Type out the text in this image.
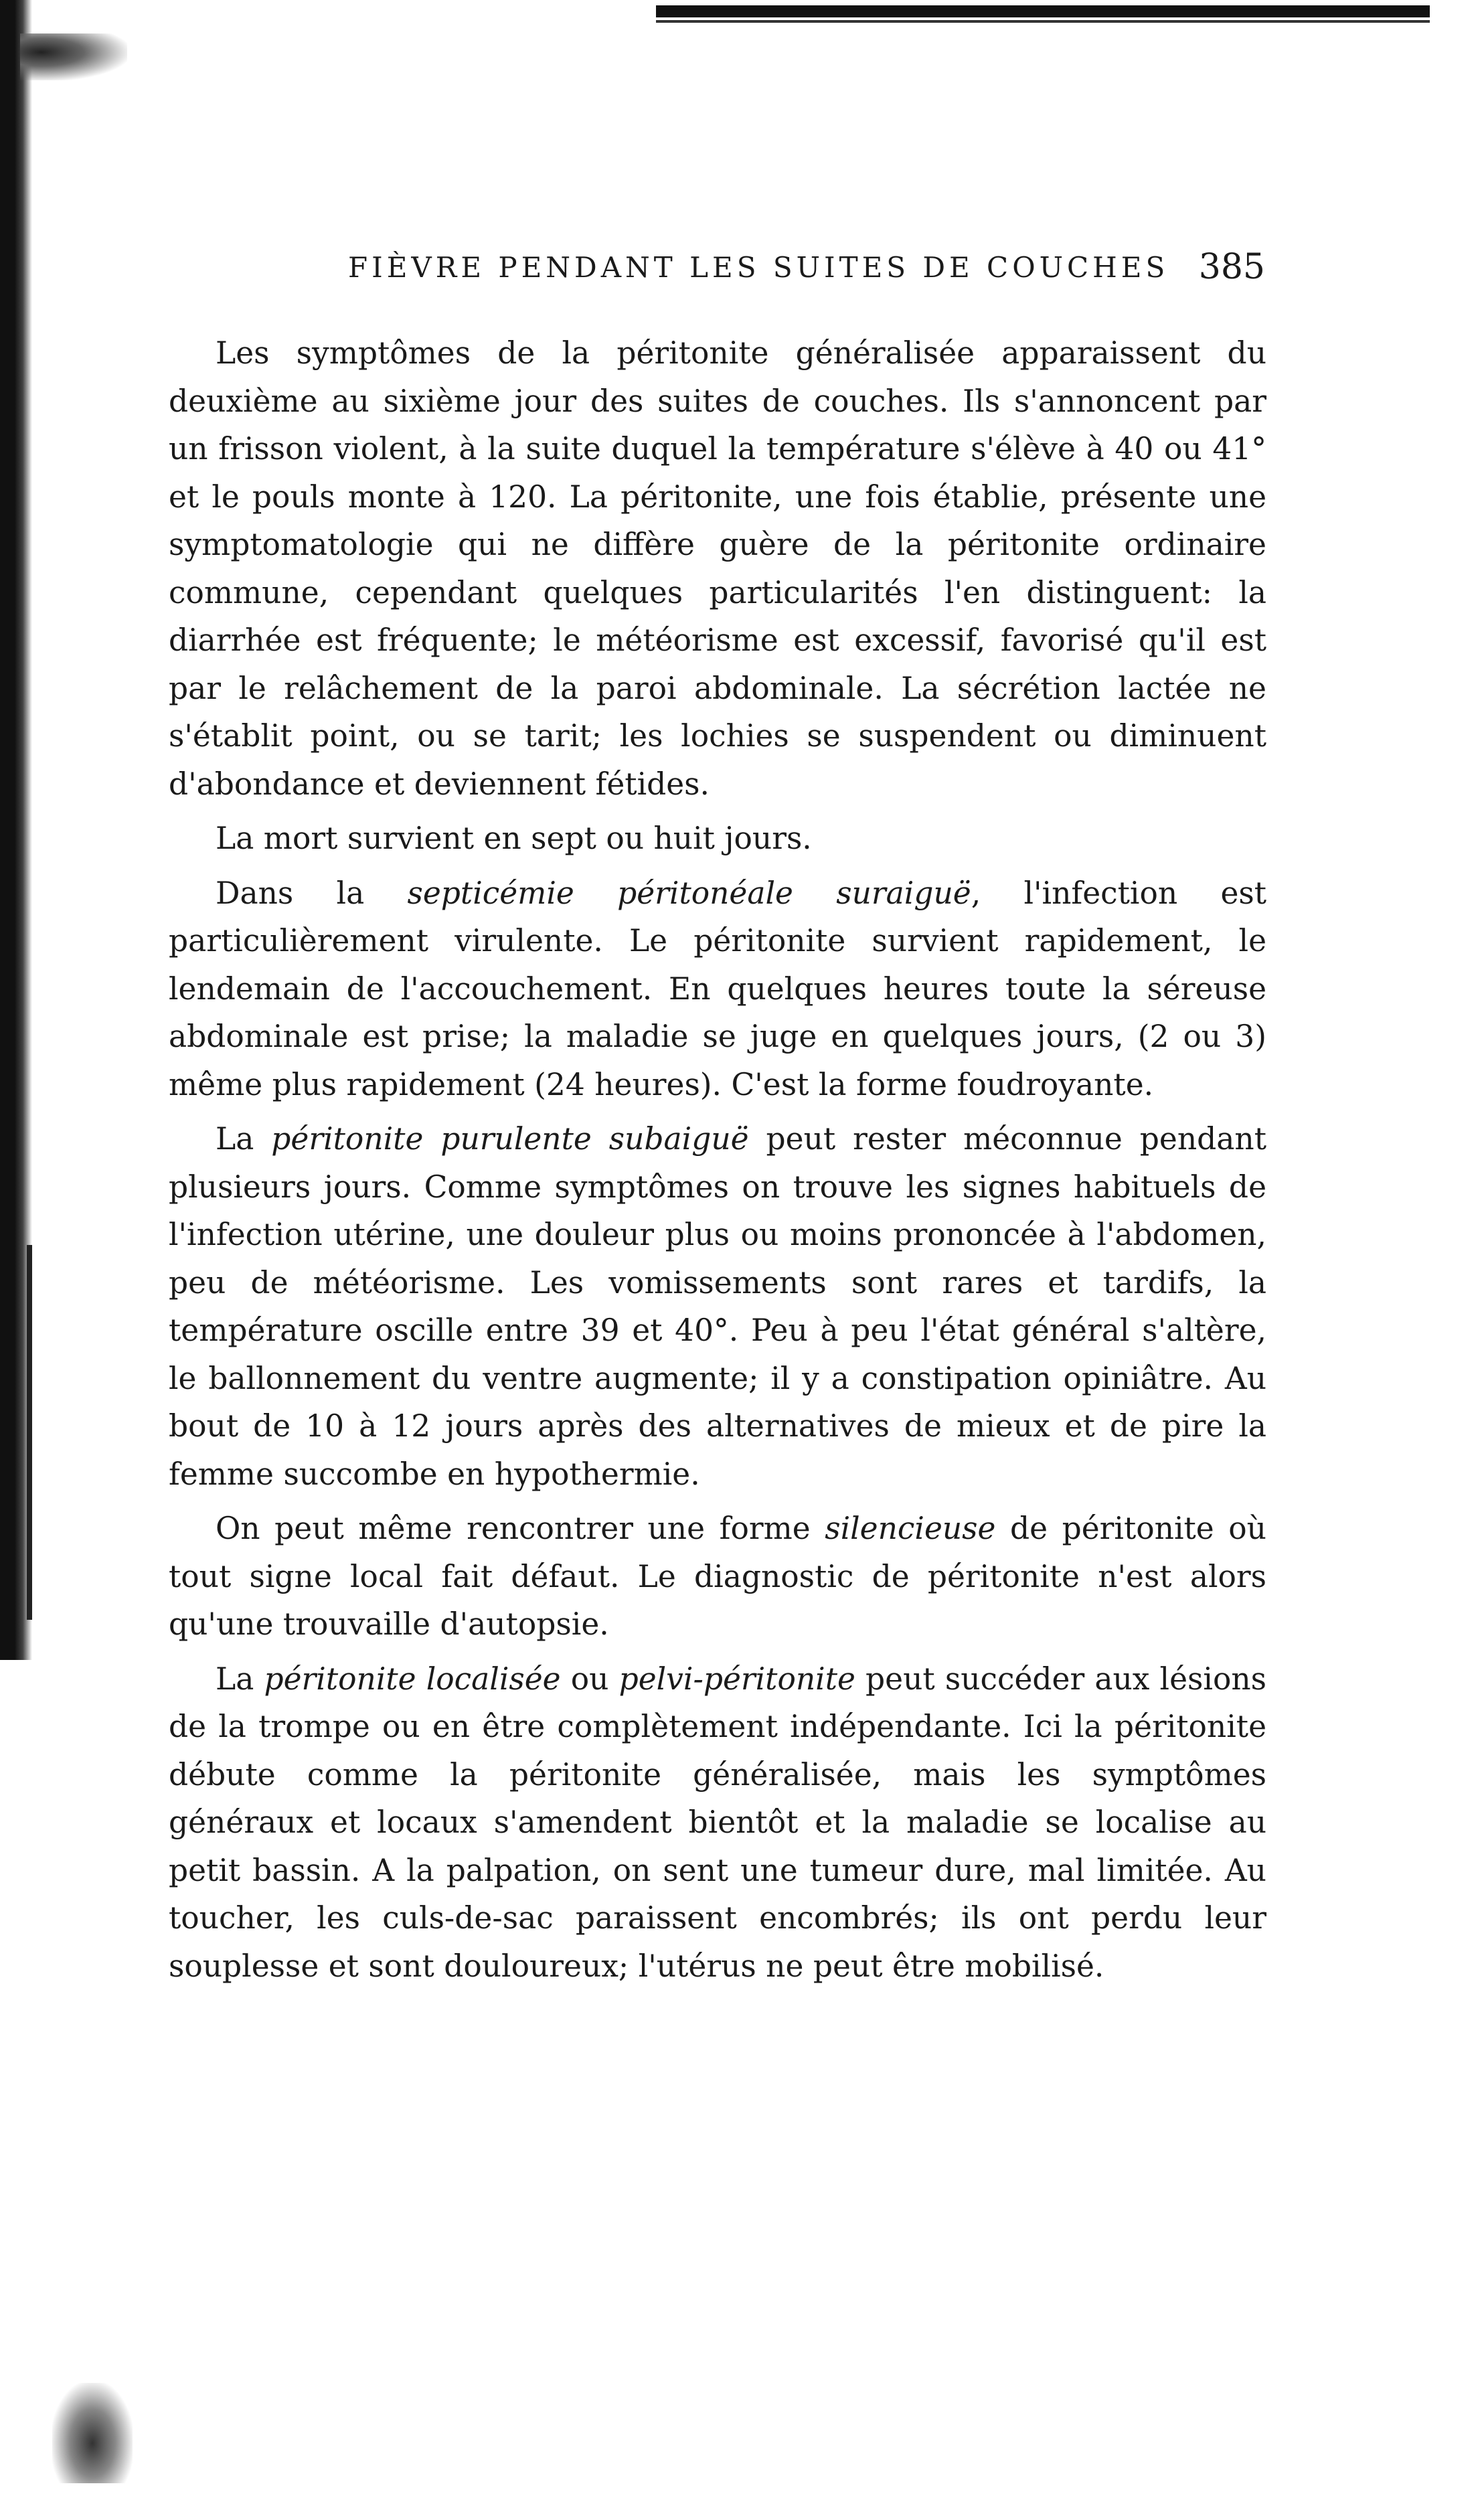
FIÈVRE PENDANT LES SUITES DE COUCHES 385

Les symptômes de la péritonite généralisée apparaissent du deuxième au sixième jour des suites de couches. Ils s'annoncent par un frisson violent, à la suite duquel la température s'élève à 40 ou 41° et le pouls monte à 120. La péritonite, une fois établie, présente une symptomatologie qui ne diffère guère de la péritonite ordinaire commune, cependant quelques particularités l'en distinguent: la diarrhée est fréquente; le météorisme est excessif, favorisé qu'il est par le relâchement de la paroi abdominale. La sécrétion lactée ne s'établit point, ou se tarit; les lochies se suspendent ou diminuent d'abondance et deviennent fétides.

La mort survient en sept ou huit jours.

Dans la septicémie péritonéale suraiguë, l'infection est particulièrement virulente. Le péritonite survient rapidement, le lendemain de l'accouchement. En quelques heures toute la séreuse abdominale est prise; la maladie se juge en quelques jours, (2 ou 3) même plus rapidement (24 heures). C'est la forme foudroyante.

La péritonite purulente subaiguë peut rester méconnue pendant plusieurs jours. Comme symptômes on trouve les signes habituels de l'infection utérine, une douleur plus ou moins prononcée à l'abdomen, peu de météorisme. Les vomissements sont rares et tardifs, la température oscille entre 39 et 40°. Peu à peu l'état général s'altère, le ballonnement du ventre augmente; il y a constipation opiniâtre. Au bout de 10 à 12 jours après des alternatives de mieux et de pire la femme succombe en hypothermie.

On peut même rencontrer une forme silencieuse de péritonite où tout signe local fait défaut. Le diagnostic de péritonite n'est alors qu'une trouvaille d'autopsie.

La péritonite localisée ou pelvi-péritonite peut succéder aux lésions de la trompe ou en être complètement indépendante. Ici la péritonite débute comme la péritonite généralisée, mais les symptômes généraux et locaux s'amendent bientôt et la maladie se localise au petit bassin. A la palpation, on sent une tumeur dure, mal limitée. Au toucher, les culs-de-sac paraissent encombrés; ils ont perdu leur souplesse et sont douloureux; l'utérus ne peut être mobilisé.
